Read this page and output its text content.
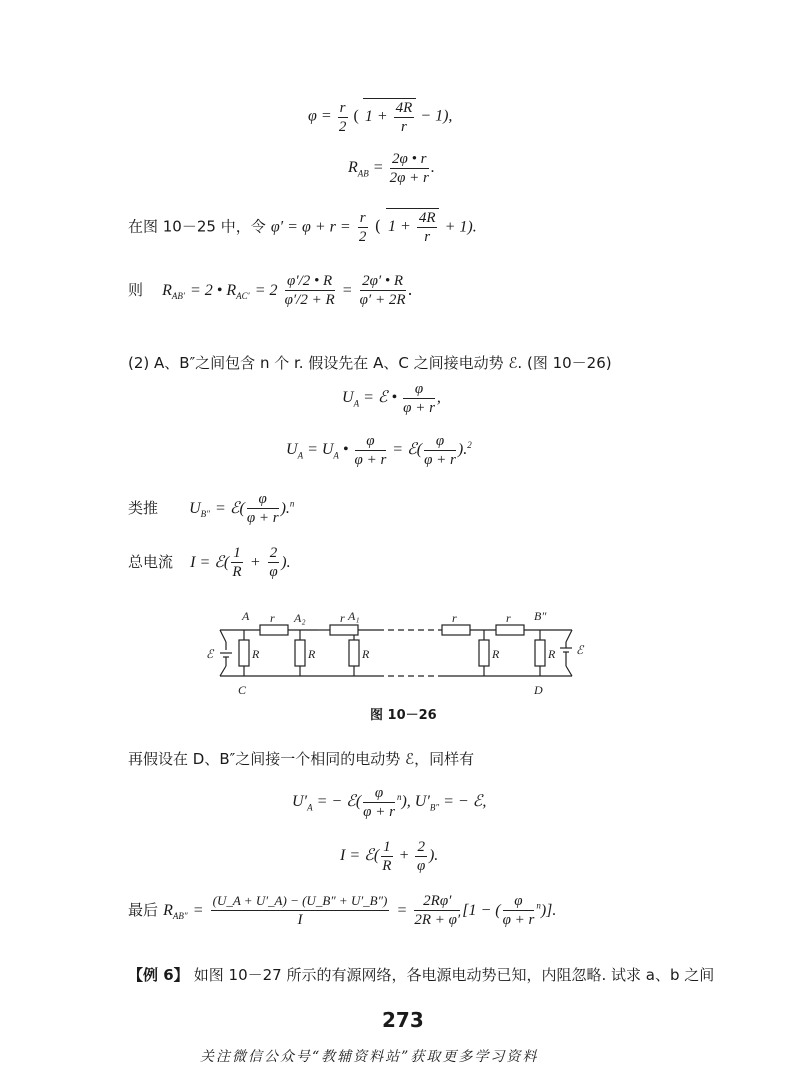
$\varphi = \frac{r}{2}$ ( $1 + \frac{4R}{r} - 1$),
$R_{AB} = \frac{2\varphi • r}{2\varphi + r}$ .
在图 10－25 中，令 $\varphi' = \varphi + r = \frac{r}{2}$ ( $1 + \frac{4R}{r} + 1$).
则 $R_{AB'} = 2$ • $R_{AC'} = 2 \frac{\varphi'/2 • R}{\varphi'/2 + R} = \frac{2\varphi' • R}{\varphi' + 2R}$ .
(2) A、B″之间包含 n 个 r. 假设先在 A、C 之间接电动势 ℰ. (图 10－26)
$U_A$ = ℰ • $\frac{\varphi}{\varphi + r}$ ,
$U_A = U_A$ • $\frac{\varphi}{\varphi + r}$ = ℰ( $\frac{\varphi}{\varphi + r} ).^2$
类推 $U_{B''}$ = ℰ( $\frac{\varphi}{\varphi + r} ).^n$
总电流 I = ℰ( $\frac{1}{R} + \frac{2}{\varphi}$ ).
A	A₂	A₁	B″
C	D
ℰ	ℰ
r	r	r	r
R	R	R	R	R
图 10－26
再假设在 D、B″之间接一个相同的电动势 ℰ，同样有
$U'_A$ = − ℰ( $\frac{\varphi}{\varphi + r} ^n$), $U'_{B''}$ = − ℰ,
I = ℰ( $\frac{1}{R} + \frac{2}{\varphi}$ ).
最后 $R_{AB''} = \frac{(U\_A + U'\_A) - (U\_B'' + U'\_B'')}{I} = \frac{2R\varphi'}{2R + \varphi'} [1$ − ( $\frac{\varphi}{\varphi + r} ^n$)].
【例 6】 如图 10－27 所示的有源网络，各电源电动势已知，内阻忽略. 试求 a、b 之间
273
关注微信公众号“教辅资料站”获取更多学习资料
